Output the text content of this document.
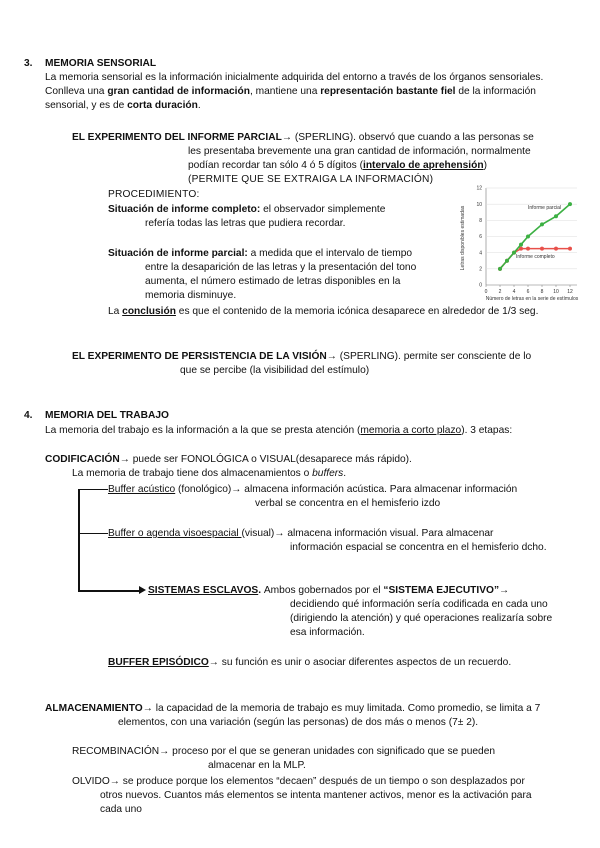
3. MEMORIA SENSORIAL
La memoria sensorial es la información inicialmente adquirida del entorno a través de los órganos sensoriales.
Conlleva una gran cantidad de información, mantiene una representación bastante fiel de la información
sensorial, y es de corta duración.
EL EXPERIMENTO DEL INFORME PARCIAL→ (SPERLING). observó que cuando a las personas se
les presentaba brevemente una gran cantidad de información, normalmente
podían recordar tan sólo 4 ó 5 dígitos (intervalo de aprehensión)
(PERMITE QUE SE EXTRAIGA LA INFORMACIÓN)
PROCEDIMIENTO:
Situación de informe completo: el observador simplemente
refería todas las letras que pudiera recordar.
Situación de informe parcial: a medida que el intervalo de tiempo
entre la desaparición de las letras y la presentación del tono
aumenta, el número estimado de letras disponibles en la
memoria disminuye.
La conclusión es que el contenido de la memoria icónica desaparece en alrededor de 1/3 seg.
0 2 4 6 8 10 12
0
2
4
6
8
10
12
Informe parcial
Informe completo
Letras disponibles estimadas
Número de letras en la serie de estímulos
EL EXPERIMENTO DE PERSISTENCIA DE LA VISIÓN→ (SPERLING). permite ser consciente de lo
que se percibe (la visibilidad del estímulo)
4. MEMORIA DEL TRABAJO
La memoria del trabajo es la información a la que se presta atención (memoria a corto plazo). 3 etapas:
CODIFICACIÓN→ puede ser FONOLÓGICA o VISUAL(desaparece más rápido).
La memoria de trabajo tiene dos almacenamientos o buffers.
Buffer acústico (fonológico)→ almacena información acústica. Para almacenar información
verbal se concentra en el hemisferio izdo
Buffer o agenda visoespacial (visual)→ almacena información visual. Para almacenar
información espacial se concentra en el hemisferio dcho.
SISTEMAS ESCLAVOS. Ambos gobernados por el “SISTEMA EJECUTIVO”→
decidiendo qué información sería codificada en cada uno
(dirigiendo la atención) y qué operaciones realizaría sobre
esa información.
BUFFER EPISÓDICO→ su función es unir o asociar diferentes aspectos de un recuerdo.
ALMACENAMIENTO→ la capacidad de la memoria de trabajo es muy limitada. Como promedio, se limita a 7
elementos, con una variación (según las personas) de dos más o menos (7± 2).
RECOMBINACIÓN→ proceso por el que se generan unidades con significado que se pueden
almacenar en la MLP.
OLVIDO→ se produce porque los elementos “decaen” después de un tiempo o son desplazados por
otros nuevos. Cuantos más elementos se intenta mantener activos, menor es la activación para
cada uno
